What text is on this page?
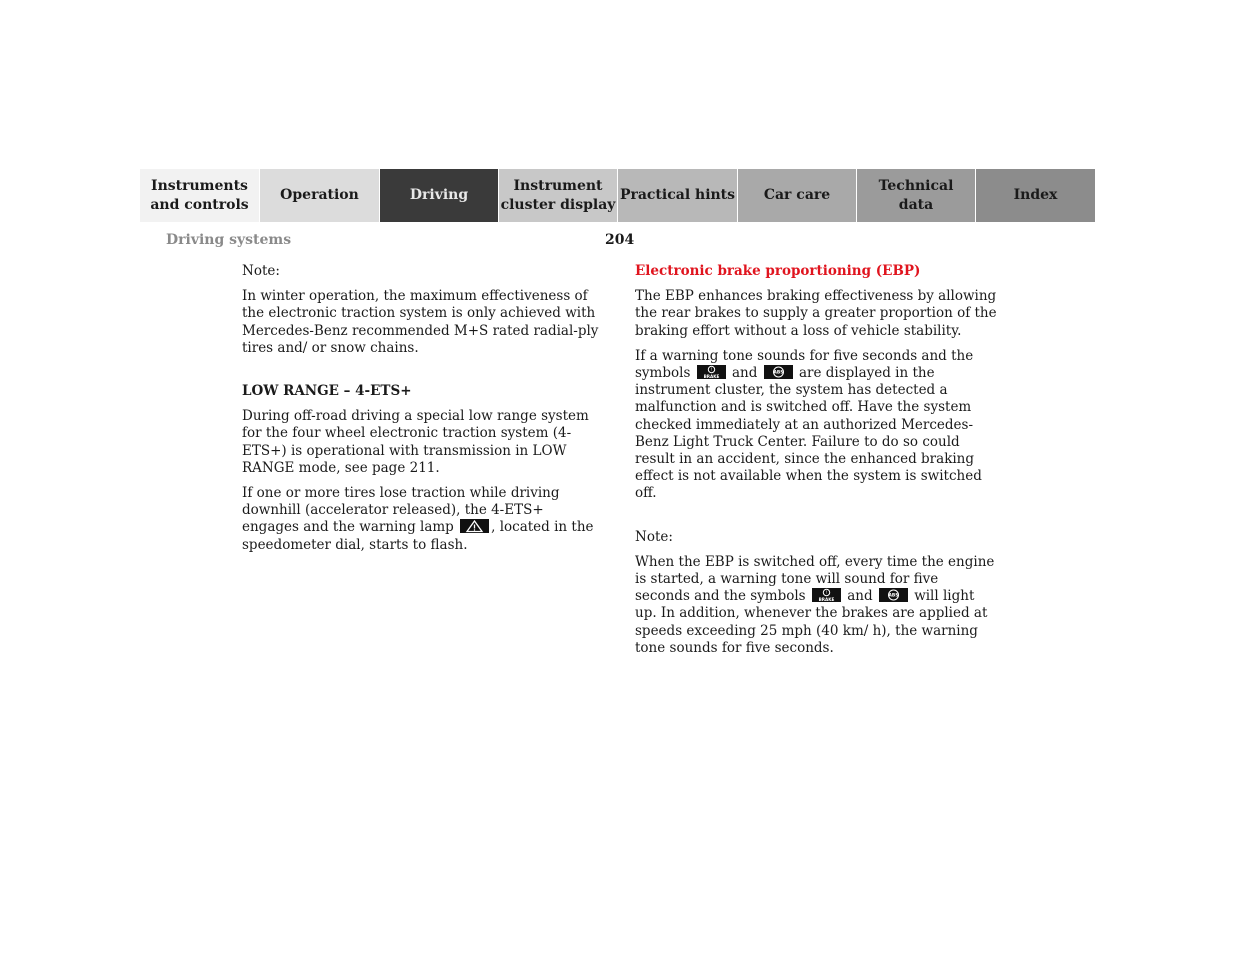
Instruments
and controls
Operation	Driving
Instrument
cluster display
Practical hints Car care
Technical
data
Index
Driving systems	204

Note:

In winter operation, the maximum effectiveness of the electronic traction system is only achieved with Mercedes-Benz recommended M+S rated radial-ply tires and/ or snow chains.

LOW RANGE – 4-ETS+

During off-road driving a special low range system for the four wheel electronic traction system (4-ETS+) is operational with transmission in LOW RANGE mode, see page 211.

If one or more tires lose traction while driving downhill (accelerator released), the 4-ETS+ engages and the warning lamp	, located in the speedometer dial, starts to flash.

Electronic brake proportioning (EBP)

The EBP enhances braking effectiveness by allowing the rear brakes to supply a greater proportion of the braking effort without a loss of vehicle stability.

If a warning tone sounds for five seconds and the symbols	!
BRAKE and	ABS are displayed in the instrument cluster, the system has detected a malfunction and is switched off. Have the system checked immediately at an authorized Mercedes-Benz Light Truck Center. Failure to do so could result in an accident, since the enhanced braking effect is not available when the system is switched off.

Note:

When the EBP is switched off, every time the engine is started, a warning tone will sound for five seconds and the symbols	!
BRAKE and	ABS will light up. In addition, whenever the brakes are applied at speeds exceeding 25 mph (40 km/ h), the warning tone sounds for five seconds.
